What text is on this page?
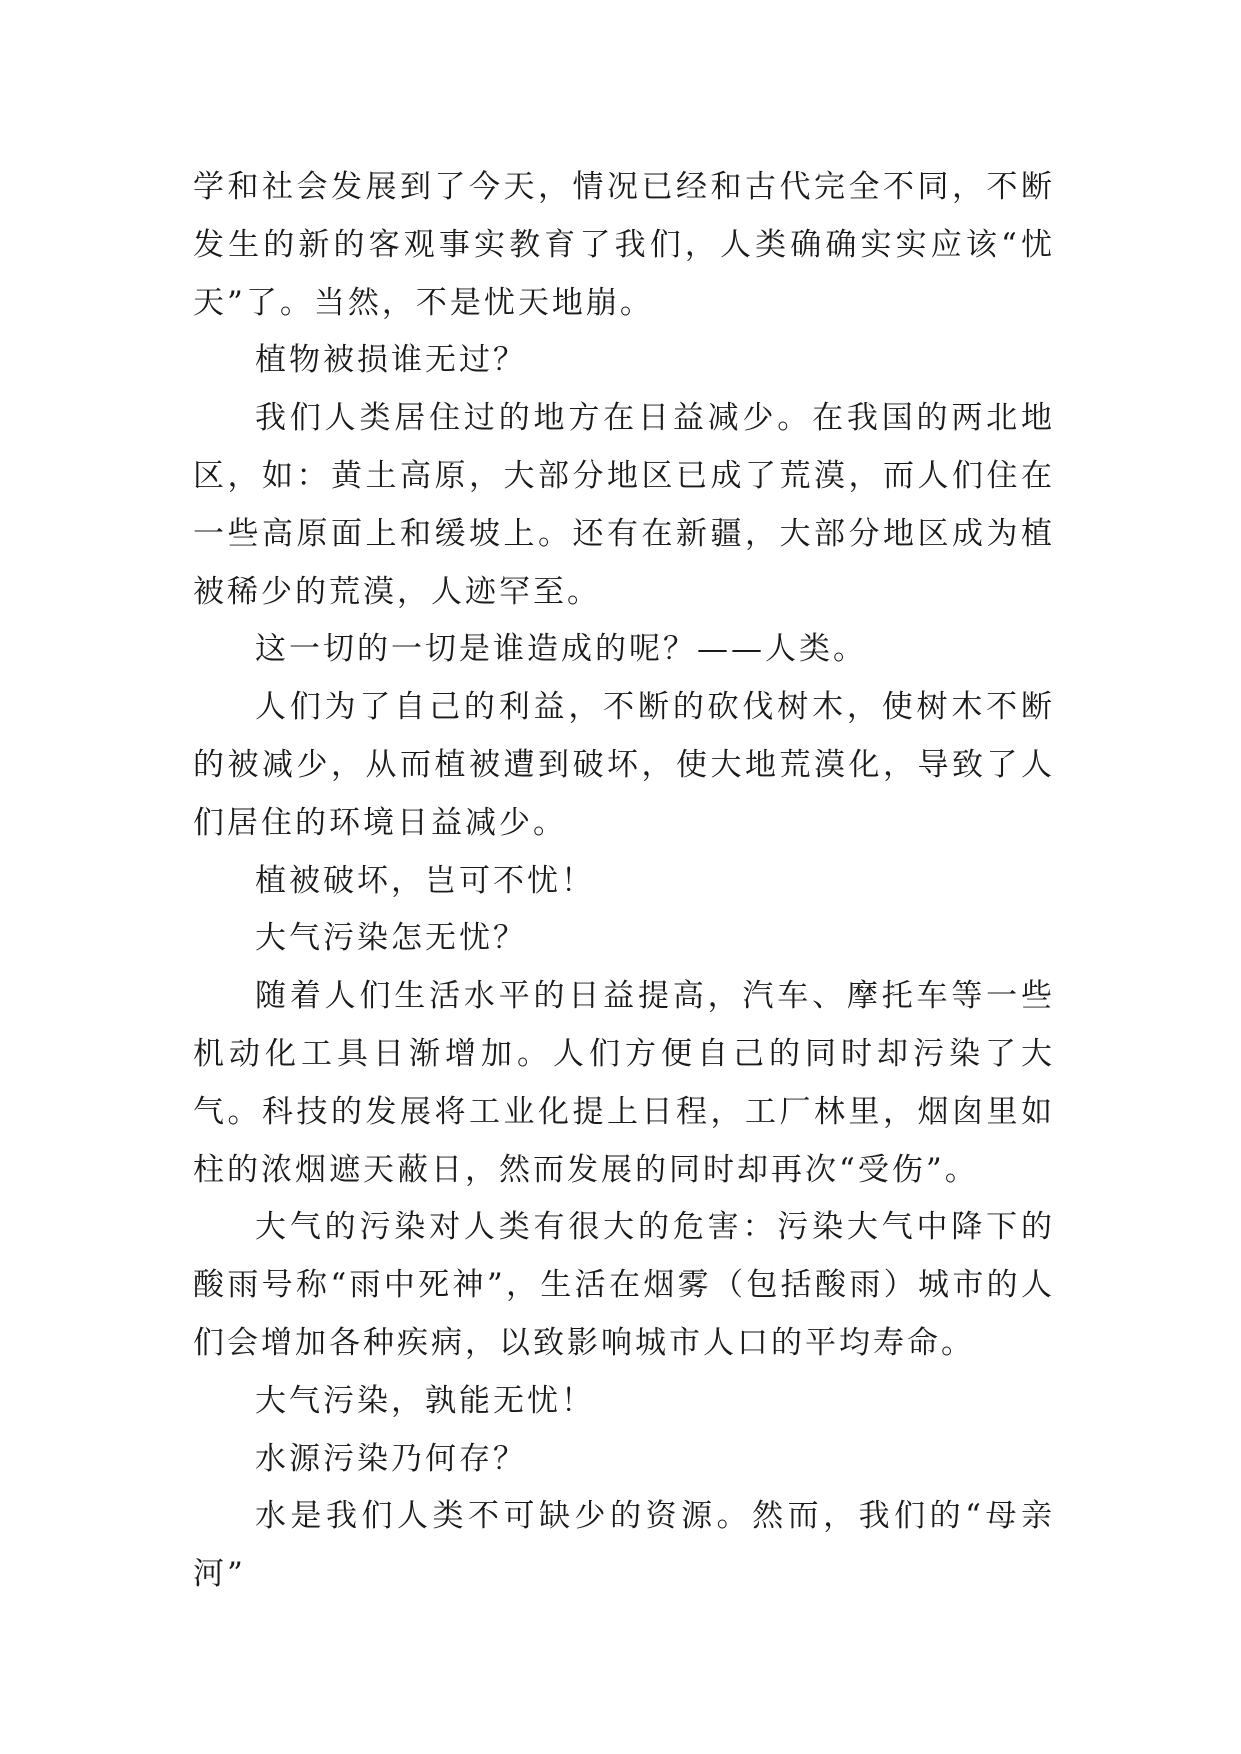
学和社会发展到了今天，情况已经和古代完全不同，不断发生的新的客观事实教育了我们，人类确确实实应该“忧天”了。当然，不是忧天地崩。

植物被损谁无过？

我们人类居住过的地方在日益减少。在我国的两北地区，如：黄土高原，大部分地区已成了荒漠，而人们住在一些高原面上和缓坡上。还有在新疆，大部分地区成为植被稀少的荒漠，人迹罕至。

这一切的一切是谁造成的呢？——人类。

人们为了自己的利益，不断的砍伐树木，使树木不断的被减少，从而植被遭到破坏，使大地荒漠化，导致了人们居住的环境日益减少。

植被破坏，岂可不忧！

大气污染怎无忧？

随着人们生活水平的日益提高，汽车、摩托车等一些机动化工具日渐增加。人们方便自己的同时却污染了大气。科技的发展将工业化提上日程，工厂林里，烟囱里如柱的浓烟遮天蔽日，然而发展的同时却再次“受伤”。

大气的污染对人类有很大的危害：污染大气中降下的酸雨号称“雨中死神”，生活在烟雾（包括酸雨）城市的人们会增加各种疾病，以致影响城市人口的平均寿命。

大气污染，孰能无忧！

水源污染乃何存？

水是我们人类不可缺少的资源。然而，我们的“母亲河”
